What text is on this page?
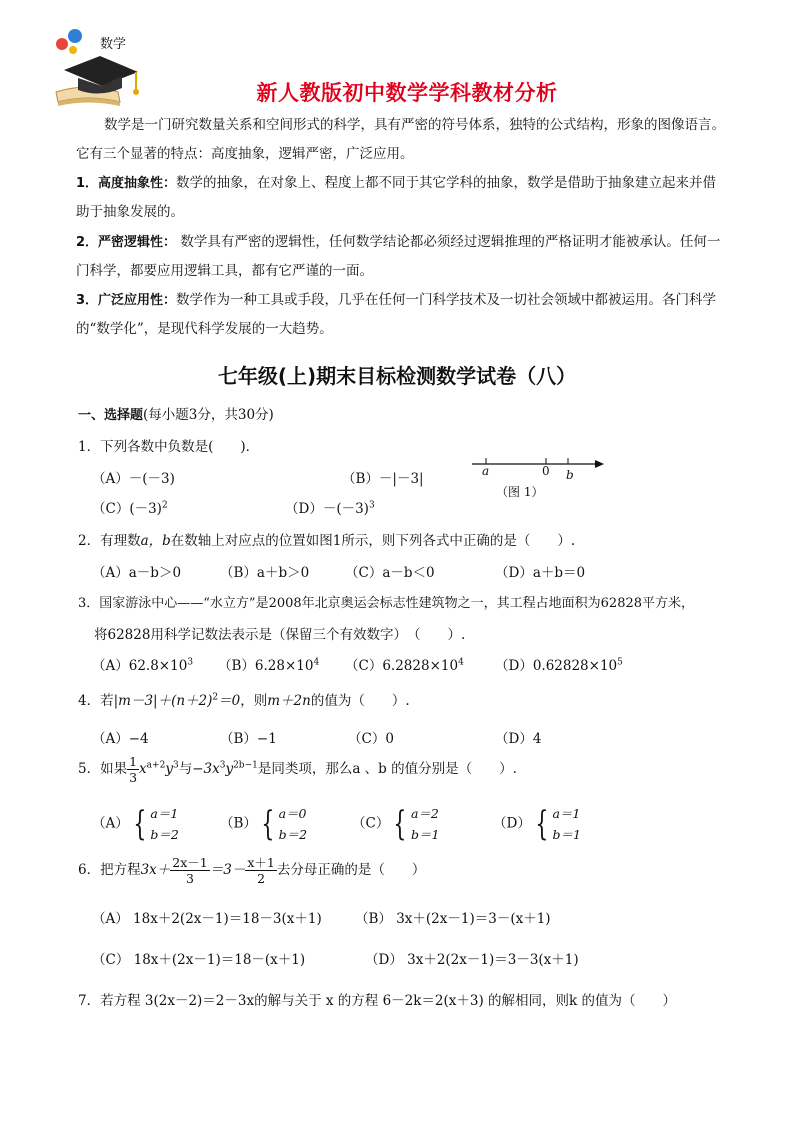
数学
新人教版初中数学学科教材分析
数学是一门研究数量关系和空间形式的科学，具有严密的符号体系，独特的公式结构，形象的图像语言。它有三个显著的特点：高度抽象，逻辑严密，广泛应用。
1．高度抽象性：数学的抽象，在对象上、程度上都不同于其它学科的抽象，数学是借助于抽象建立起来并借助于抽象发展的。
2．严密逻辑性： 数学具有严密的逻辑性，任何数学结论都必须经过逻辑推理的严格证明才能被承认。任何一门科学，都要应用逻辑工具，都有它严谨的一面。
3．广泛应用性：数学作为一种工具或手段，几乎在任何一门科学技术及一切社会领域中都被运用。各门科学的“数学化”，是现代科学发展的一大趋势。
七年级(上)期末目标检测数学试卷（八）
一、选择题(每小题3分，共30分)
1．下列各数中负数是(　　)．
（A）－(－3)	（B）－|－3|
$(C)(-3)^2$	$(D)-(-3)^3$
a	0 b
（图 1）
2．有理数a，b在数轴上对应点的位置如图1所示，则下列各式中正确的是（　　）.
（A）a－b＞0	（B）a＋b＞0	（C）a－b＜0	（D）a＋b＝0
3．国家游泳中心——“水立方”是2008年北京奥运会标志性建筑物之一，其工程占地面积为62828平方米，
将62828用科学记数法表示是（保留三个有效数字）　（　　）.
$(A)62.8\times 10^3$ $(B)6.28\times 10^4$ $(C)6.2828\times 10^4$ $(D)0.62828\times 10^5$
4．若$|m-3|+(n+2)^2=0$，则m＋2n的值为（　　）.
（A）−4	（B）−1	（C）0	（D）4
5．如果 $\frac{1}{3} x^{a+2}y^3$与$-3x^3y^{2b-1}$是同类项，那么a 、b 的值分别是（　　）.
（A） { a＝1
b＝2
（B） { a＝0
b＝2
（C） { a＝2
b＝1
（D） { a＝1
b＝1
6．把方程$3x+ \frac{2x-1}{3} =3- \frac{x+1}{2}$ 去分母正确的是（　　）
（A） 18x＋2(2x－1)＝18－3(x＋1) （B） 3x＋(2x－1)＝3－(x＋1)
（C） 18x＋(2x－1)＝18－(x＋1)	（D） 3x＋2(2x－1)＝3－3(x＋1)
7．若方程 3(2x－2)＝2－3x的解与关于 x 的方程 6－2k＝2(x＋3) 的解相同，则k 的值为（　　）
